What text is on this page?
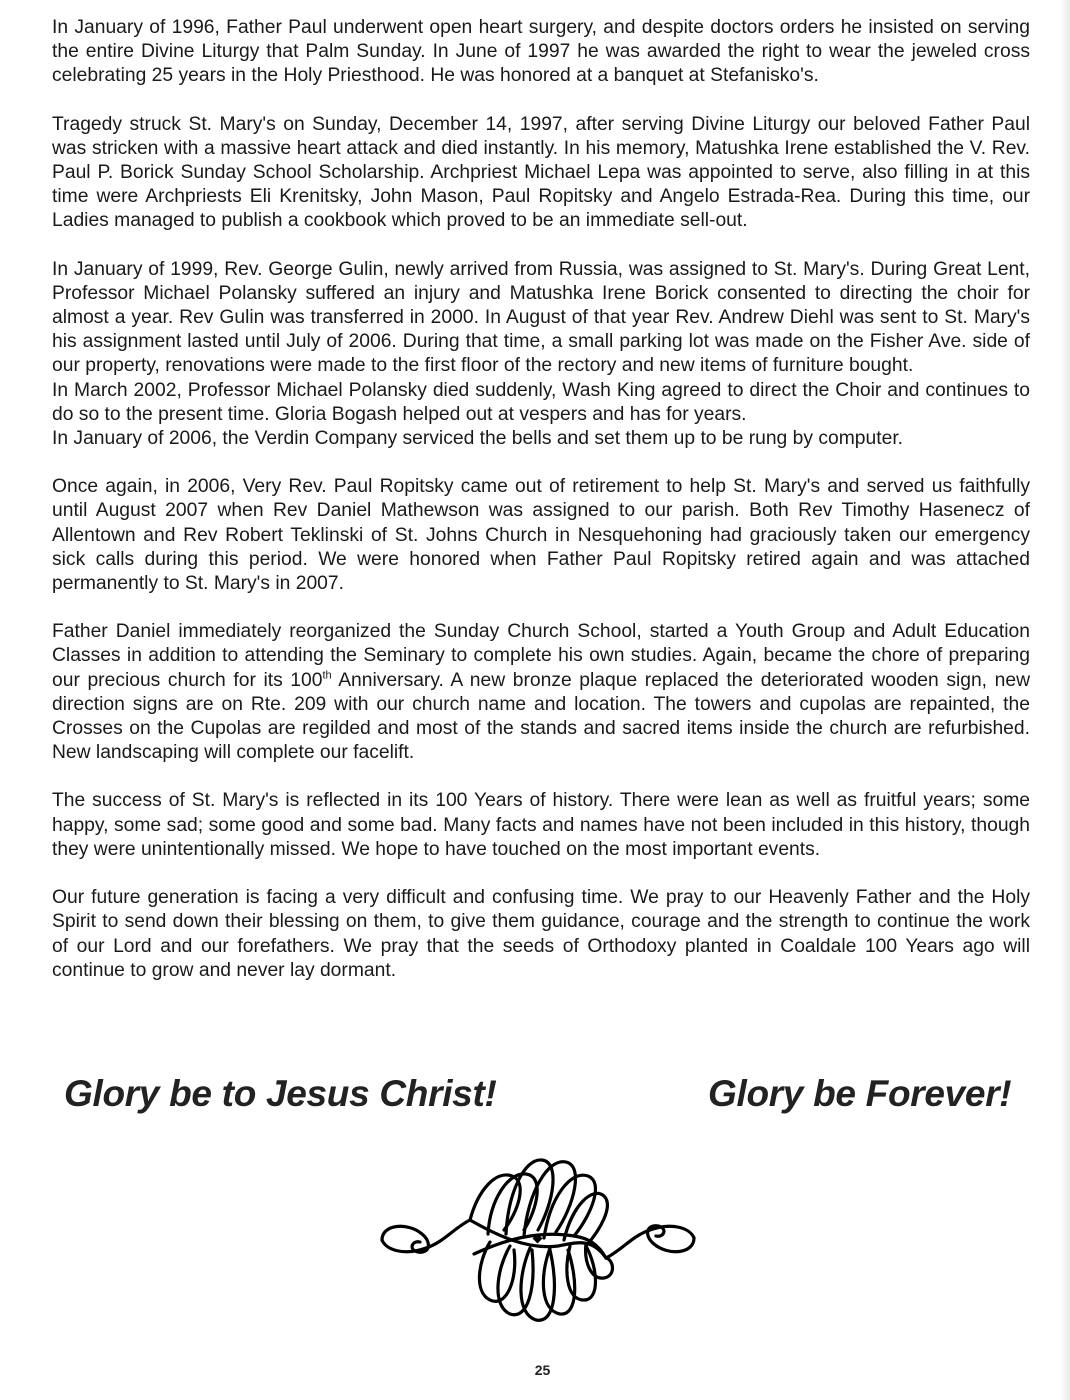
In January of 1996, Father Paul underwent open heart surgery, and despite doctors orders he insisted on serving the entire Divine Liturgy that Palm Sunday. In June of 1997 he was awarded the right to wear the jeweled cross celebrating 25 years in the Holy Priesthood. He was honored at a banquet at Stefanisko's.

Tragedy struck St. Mary's on Sunday, December 14, 1997, after serving Divine Liturgy our beloved Father Paul was stricken with a massive heart attack and died instantly. In his memory, Matushka Irene established the V. Rev. Paul P. Borick Sunday School Scholarship. Archpriest Michael Lepa was appointed to serve, also filling in at this time were Archpriests Eli Krenitsky, John Mason, Paul Ropitsky and Angelo Estrada-Rea. During this time, our Ladies managed to publish a cookbook which proved to be an immediate sell-out.

In January of 1999, Rev. George Gulin, newly arrived from Russia, was assigned to St. Mary's. During Great Lent, Professor Michael Polansky suffered an injury and Matushka Irene Borick consented to directing the choir for almost a year. Rev Gulin was transferred in 2000. In August of that year Rev. Andrew Diehl was sent to St. Mary's his assignment lasted until July of 2006. During that time, a small parking lot was made on the Fisher Ave. side of our property, renovations were made to the first floor of the rectory and new items of furniture bought.

In March 2002, Professor Michael Polansky died suddenly, Wash King agreed to direct the Choir and continues to do so to the present time. Gloria Bogash helped out at vespers and has for years.

In January of 2006, the Verdin Company serviced the bells and set them up to be rung by computer.

Once again, in 2006, Very Rev. Paul Ropitsky came out of retirement to help St. Mary's and served us faithfully until August 2007 when Rev Daniel Mathewson was assigned to our parish. Both Rev Timothy Hasenecz of Allentown and Rev Robert Teklinski of St. Johns Church in Nesquehoning had graciously taken our emergency sick calls during this period. We were honored when Father Paul Ropitsky retired again and was attached permanently to St. Mary's in 2007.

Father Daniel immediately reorganized the Sunday Church School, started a Youth Group and Adult Education Classes in addition to attending the Seminary to complete his own studies. Again, became the chore of preparing our precious church for its 100th Anniversary. A new bronze plaque replaced the deteriorated wooden sign, new direction signs are on Rte. 209 with our church name and location. The towers and cupolas are repainted, the Crosses on the Cupolas are regilded and most of the stands and sacred items inside the church are refurbished. New landscaping will complete our facelift.

The success of St. Mary's is reflected in its 100 Years of history. There were lean as well as fruitful years; some happy, some sad; some good and some bad. Many facts and names have not been included in this history, though they were unintentionally missed. We hope to have touched on the most important events.

Our future generation is facing a very difficult and confusing time. We pray to our Heavenly Father and the Holy Spirit to send down their blessing on them, to give them guidance, courage and the strength to continue the work of our Lord and our forefathers. We pray that the seeds of Orthodoxy planted in Coaldale 100 Years ago will continue to grow and never lay dormant.

Glory be to Jesus Christ!	Glory be Forever!
25
